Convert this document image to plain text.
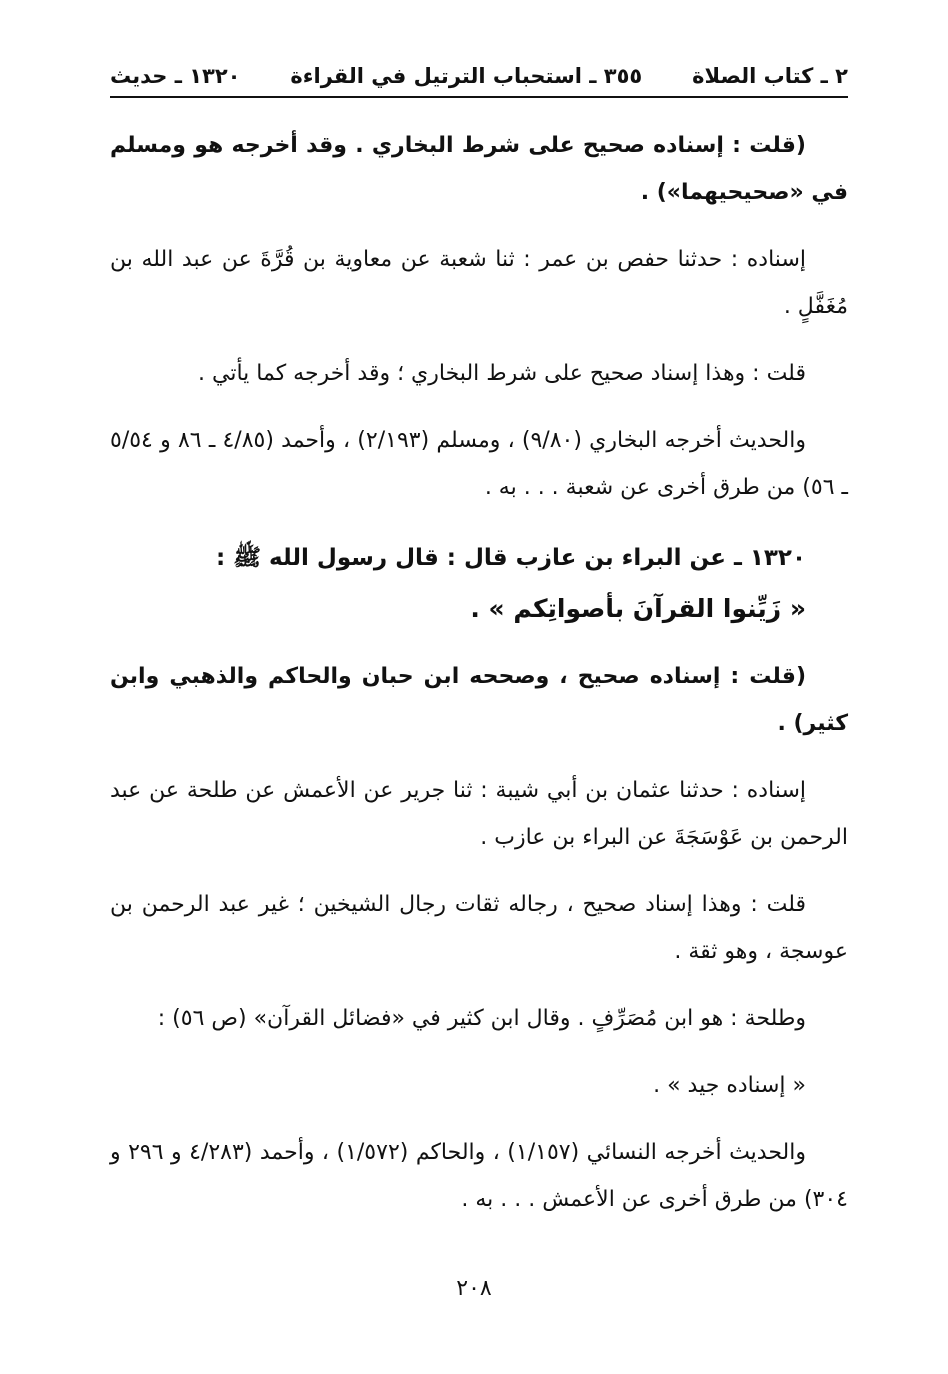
٢ ـ كتاب الصلاة
٣٥٥ ـ استحباب الترتيل في القراءة
١٣٢٠ ـ حديث

(قلت : إسناده صحيح على شرط البخاري . وقد أخرجه هو ومسلم في «صحيحيهما») .

إسناده : حدثنا حفص بن عمر : ثنا شعبة عن معاوية بن قُرَّةَ عن عبد الله بن مُغَفَّلٍ .

قلت : وهذا إسناد صحيح على شرط البخاري ؛ وقد أخرجه كما يأتي .

والحديث أخرجه البخاري (٩/٨٠) ، ومسلم (٢/١٩٣) ، وأحمد (٤/٨٥ ـ ٨٦ و ٥/٥٤ ـ ٥٦) من طرق أخرى عن شعبة . . . به .

١٣٢٠ ـ عن البراء بن عازب قال : قال رسول الله ﷺ :

« زَيِّنوا القرآنَ بأصواتِكم » .

(قلت : إسناده صحيح ، وصححه ابن حبان والحاكم والذهبي وابن كثير) .

إسناده : حدثنا عثمان بن أبي شيبة : ثنا جرير عن الأعمش عن طلحة عن عبد الرحمن بن عَوْسَجَةَ عن البراء بن عازب .

قلت : وهذا إسناد صحيح ، رجاله ثقات رجال الشيخين ؛ غير عبد الرحمن بن عوسجة ، وهو ثقة .

وطلحة : هو ابن مُصَرِّفٍ . وقال ابن كثير في «فضائل القرآن» (ص ٥٦) :

« إسناده جيد » .

والحديث أخرجه النسائي (١/١٥٧) ، والحاكم (١/٥٧٢) ، وأحمد (٤/٢٨٣ و ٢٩٦ و ٣٠٤) من طرق أخرى عن الأعمش . . . به .

٢٠٨
